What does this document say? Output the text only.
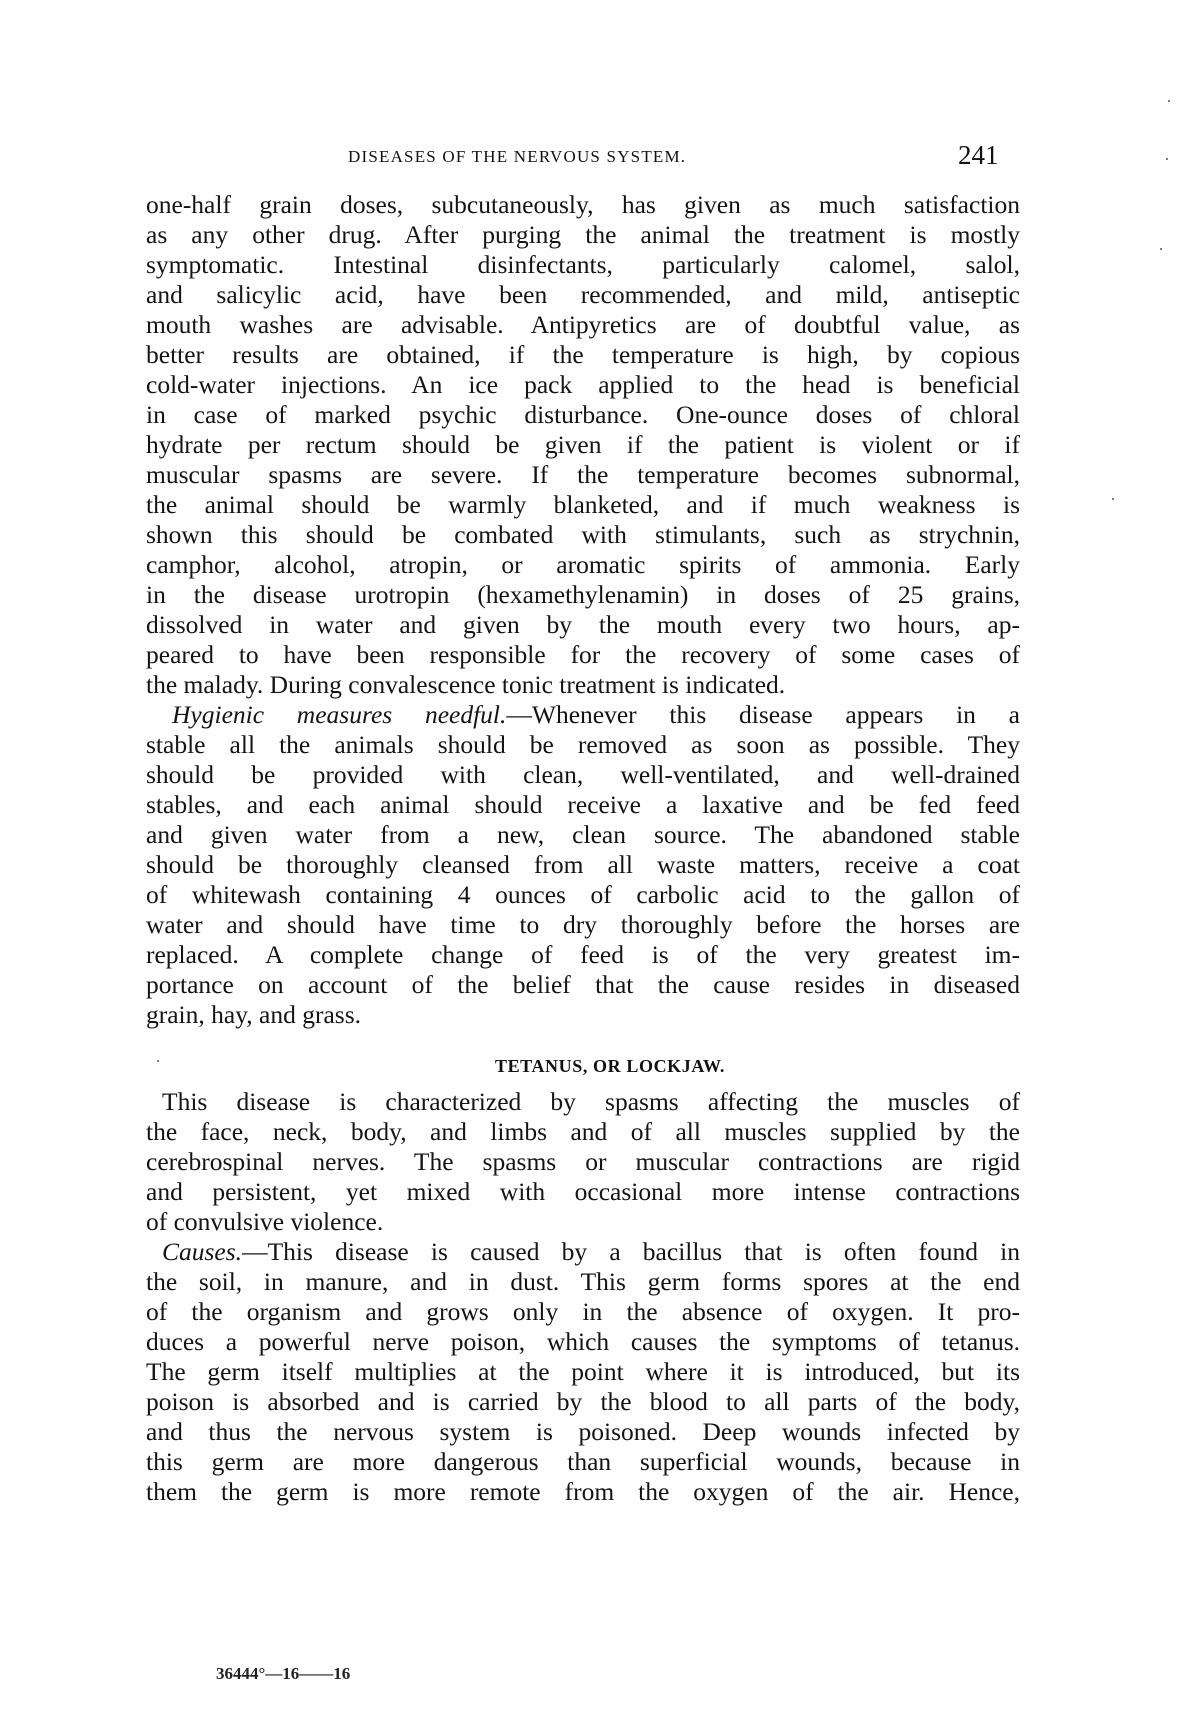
DISEASES OF THE NERVOUS SYSTEM.	241
one-half grain doses, subcutaneously, has given as much satisfaction
as any other drug. After purging the animal the treatment is mostly
symptomatic. Intestinal disinfectants, particularly calomel, salol,
and salicylic acid, have been recommended, and mild, antiseptic
mouth washes are advisable. Antipyretics are of doubtful value, as
better results are obtained, if the temperature is high, by copious
cold-water injections. An ice pack applied to the head is beneficial
in case of marked psychic disturbance. One-ounce doses of chloral
hydrate per rectum should be given if the patient is violent or if
muscular spasms are severe. If the temperature becomes subnormal,
the animal should be warmly blanketed, and if much weakness is
shown this should be combated with stimulants, such as strychnin,
camphor, alcohol, atropin, or aromatic spirits of ammonia. Early
in the disease urotropin (hexamethylenamin) in doses of 25 grains,
dissolved in water and given by the mouth every two hours, ap-
peared to have been responsible for the recovery of some cases of
the malady. During convalescence tonic treatment is indicated.
Hygienic measures needful.—Whenever this disease appears in a
stable all the animals should be removed as soon as possible. They
should be provided with clean, well-ventilated, and well-drained
stables, and each animal should receive a laxative and be fed feed
and given water from a new, clean source. The abandoned stable
should be thoroughly cleansed from all waste matters, receive a coat
of whitewash containing 4 ounces of carbolic acid to the gallon of
water and should have time to dry thoroughly before the horses are
replaced. A complete change of feed is of the very greatest im-
portance on account of the belief that the cause resides in diseased
grain, hay, and grass.
TETANUS, OR LOCKJAW.
This disease is characterized by spasms affecting the muscles of
the face, neck, body, and limbs and of all muscles supplied by the
cerebrospinal nerves. The spasms or muscular contractions are rigid
and persistent, yet mixed with occasional more intense contractions
of convulsive violence.
Causes.—This disease is caused by a bacillus that is often found in
the soil, in manure, and in dust. This germ forms spores at the end
of the organism and grows only in the absence of oxygen. It pro-
duces a powerful nerve poison, which causes the symptoms of tetanus.
The germ itself multiplies at the point where it is introduced, but its
poison is absorbed and is carried by the blood to all parts of the body,
and thus the nervous system is poisoned. Deep wounds infected by
this germ are more dangerous than superficial wounds, because in
them the germ is more remote from the oxygen of the air. Hence,
36444°—16——16
